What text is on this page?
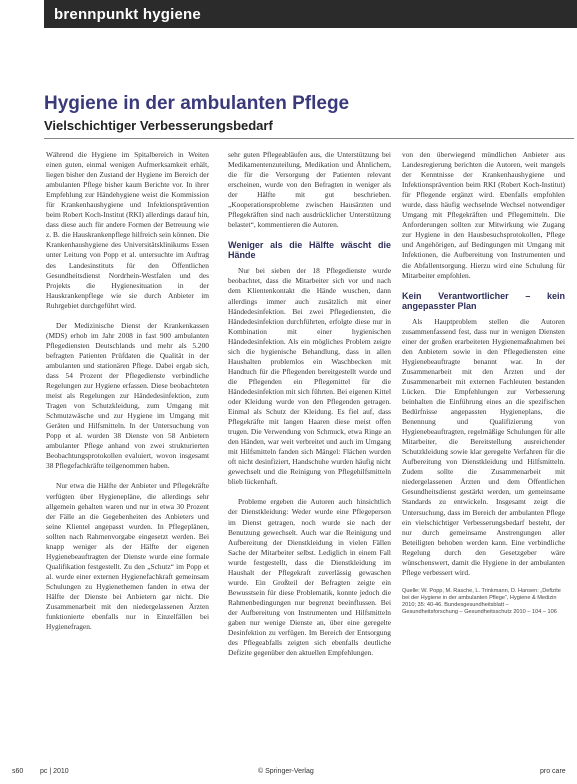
brennpunkt hygiene
Hygiene in der ambulanten Pflege
Vielschichtiger Verbesserungsbedarf

Während die Hygiene im Spitalbereich in Weiten einen guten, einmal wenigen Aufmerksamkeit erhält, liegen bisher den Zustand der Hygiene im Bereich der ambulanten Pflege bisher kaum Berichte vor. In ihrer Empfehlung zur Händehygiene weist die Kommission für Krankenhaushygiene und Infektionsprävention beim Robert Koch-Institut (RKI) allerdings darauf hin, dass diese auch für andere Formen der Betreuung wie z. B. die Hauskrankenpflege hilfreich sein können. Die Krankenhaushygiene des Universitätsklinikums Essen unter Leitung von Popp et al. untersuchte im Auftrag des Landesinstituts für den Öffentlichen Gesundheitsdienst Nordrhein-Westfalen und des Projekts die Hygienesituation in der Hauskrankenpflege wie sie durch Anbieter im Ruhrgebiet durchgeführt wird.

Der Medizinische Dienst der Krankenkassen (MDS) erhob im Jahr 2008 in fast 900 ambulanten Pflegediensten Deutschlands und mehr als 5.200 befragten Patienten Prüfdaten die Qualität in der ambulanten und stationären Pflege. Dabei ergab sich, dass 54 Prozent der Pflegedienste verbindliche Regelungen zur Hygiene erfassen. Diese beobachteten meist als Regelungen zur Händedesinfektion, zum Tragen von Schutzkleidung, zum Umgang mit Schmutzwäsche und zur Hygiene im Umgang mit Geräten und Hilfsmitteln. In der Untersuchung von Popp et al. wurden 38 Dienste von 58 Anbietern ambulanter Pflege anhand von zwei strukturierten Beobachtungsprotokollen evaluiert, wovon insgesamt 38 Pflegefachkräfte teilgenommen haben.

Nur etwa die Hälfte der Anbieter und Pflegekräfte verfügten über Hygienepläne, die allerdings sehr allgemein gehalten waren und nur in etwa 30 Prozent der Fälle an die Gegebenheiten des Anbieters und seine Klientel angepasst wurden. In Pflegeplänen, sollten nach Rahmenvorgabe eingesetzt werden. Bei knapp weniger als der Hälfte der eigenen Hygienebeauftragten der Dienste wurde eine formale Qualifikation festgestellt. Zu den „Schutz“ im Popp et al. wurde einer externen Hygienefachkraft gemeinsam Schulungen zu Hygienethemen fanden in etwa der Hälfte der Dienste bei Anbietern gar nicht. Die Zusammenarbeit mit den niedergelassenen Ärzten funktionierte ebenfalls nur in Einzelfällen bei Hygienefragen.

sehr guten Pflegeabläufen aus, die Unterstützung bei Medikamentenzuteilung, Medikation und Ähnlichem, die für die Versorgung der Patienten relevant erscheinen, wurde von den Befragten in weniger als der Hälfte mit gut beschrieben. „Kooperationsprobleme zwischen Hausärzten und Pflegekräften sind nach ausdrücklicher Unterstützung belastet“, kommentieren die Autoren.

Weniger als die Hälfte wäscht die Hände

Nur bei sieben der 18 Pflegedienste wurde beobachtet, dass die Mitarbeiter sich vor und nach dem Klientenkontakt die Hände wuschen, dann allerdings immer auch zusätzlich mit einer Händedesinfektion. Bei zwei Pflegediensten, die Händedesinfektion durchführten, erfolgte diese nur in Kombination mit einer hygienischen Händedesinfektion. Als ein mögliches Problem zeigte sich die hygienische Behandlung, dass in allen Haushalten problemlos ein Waschbecken mit Handtuch für die Pflegenden bereitgestellt wurde und die Pflegenden ein Pflegemittel für die Händedesinfektion mit sich führten. Bei eigenen Kittel oder Kleidung wurde von den Pflegenden getragen. Einmal als Schutz der Kleidung. Es fiel auf, dass Pflegekräfte mit langen Haaren diese meist offen trugen. Die Verwendung von Schmuck, etwa Ringe an den Händen, war weit verbreitet und auch im Umgang mit Hilfsmitteln fanden sich Mängel: Flächen wurden oft nicht desinfiziert, Handschuhe wurden häufig nicht gewechselt und die Reinigung von Pflegehilfsmitteln blieb lückenhaft.

Probleme ergeben die Autoren auch hinsichtlich der Dienstkleidung: Weder wurde eine Pflegeperson im Dienst getragen, noch wurde sie nach der Benutzung gewechselt. Auch war die Reinigung und Aufbereitung der Dienstkleidung in vielen Fällen Sache der Mitarbeiter selbst. Lediglich in einem Fall wurde festgestellt, dass die Dienstkleidung im Haushalt der Pflegekraft zuverlässig gewaschen wurde. Ein Großteil der Befragten zeigte ein Bewusstsein für diese Problematik, konnte jedoch die Rahmenbedingungen nur begrenzt beeinflussen. Bei der Aufbereitung von Instrumenten und Hilfsmitteln gaben nur wenige Dienste an, über eine geregelte Desinfektion zu verfügen. Im Bereich der Entsorgung des Pflegeabfalls zeigten sich ebenfalls deutliche Defizite gegenüber den aktuellen Empfehlungen.

von den überwiegend mündlichen Anbieter aus Landesregierung berichten die Autoren, weit mangels der Kenntnisse der Krankenhaushygiene und Infektionsprävention beim RKI (Robert Koch-Institut) für Pflegende ergänzt wird. Ebenfalls empfohlen wurde, dass häufig wechselnde Wechsel notwendiger Umgang mit Pflegekräften und Pflegemitteln. Die Anforderungen sollten zur Mitwirkung wie Zugang zur Hygiene in den Hausbesuchsprotokollen, Pflege und Angehörigen, auf Bedingungen mit Umgang mit Infektionen, die Aufbereitung von Instrumenten und die Abfallentsorgung. Hierzu wird eine Schulung für Mitarbeiter empfohlen.

Kein Verantwortlicher – kein angepasster Plan

Als Hauptproblem stellen die Autoren zusammenfassend fest, dass nur in wenigen Diensten einer der großen erarbeiteten Hygienemaßnahmen bei den Anbietern sowie in den Pflegediensten eine Hygienebeauftragte benannt war. In der Zusammenarbeit mit den Ärzten und der Zusammenarbeit mit externen Fachleuten bestanden Lücken. Die Empfehlungen zur Verbesserung beinhalten die Einführung eines an die spezifischen Bedürfnisse angepassten Hygieneplans, die Benennung und Qualifizierung von Hygienebeauftragten, regelmäßige Schulungen für alle Mitarbeiter, die Bereitstellung ausreichender Schutzkleidung sowie klar geregelte Verfahren für die Aufbereitung von Dienstkleidung und Hilfsmitteln. Zudem sollte die Zusammenarbeit mit niedergelassenen Ärzten und dem Öffentlichen Gesundheitsdienst gestärkt werden, um gemeinsame Standards zu entwickeln. Insgesamt zeigt die Untersuchung, dass im Bereich der ambulanten Pflege ein vielschichtiger Verbesserungsbedarf besteht, der nur durch gemeinsame Anstrengungen aller Beteiligten behoben werden kann. Eine verbindliche Regelung durch den Gesetzgeber wäre wünschenswert, damit die Hygiene in der ambulanten Pflege verbessert wird.

Quelle: W. Popp, M. Rasche, L. Trinkmann, D. Hansen: „Defizite bei der Hygiene in der ambulanten Pflege“, Hygiene & Medizin 2010; 35: 40-46. Bundesgesundheitsblatt – Gesundheitsforschung – Gesundheitsschutz 2010 – 104 – 106
s60 pc | 2010	© Springer-Verlag	pro care
